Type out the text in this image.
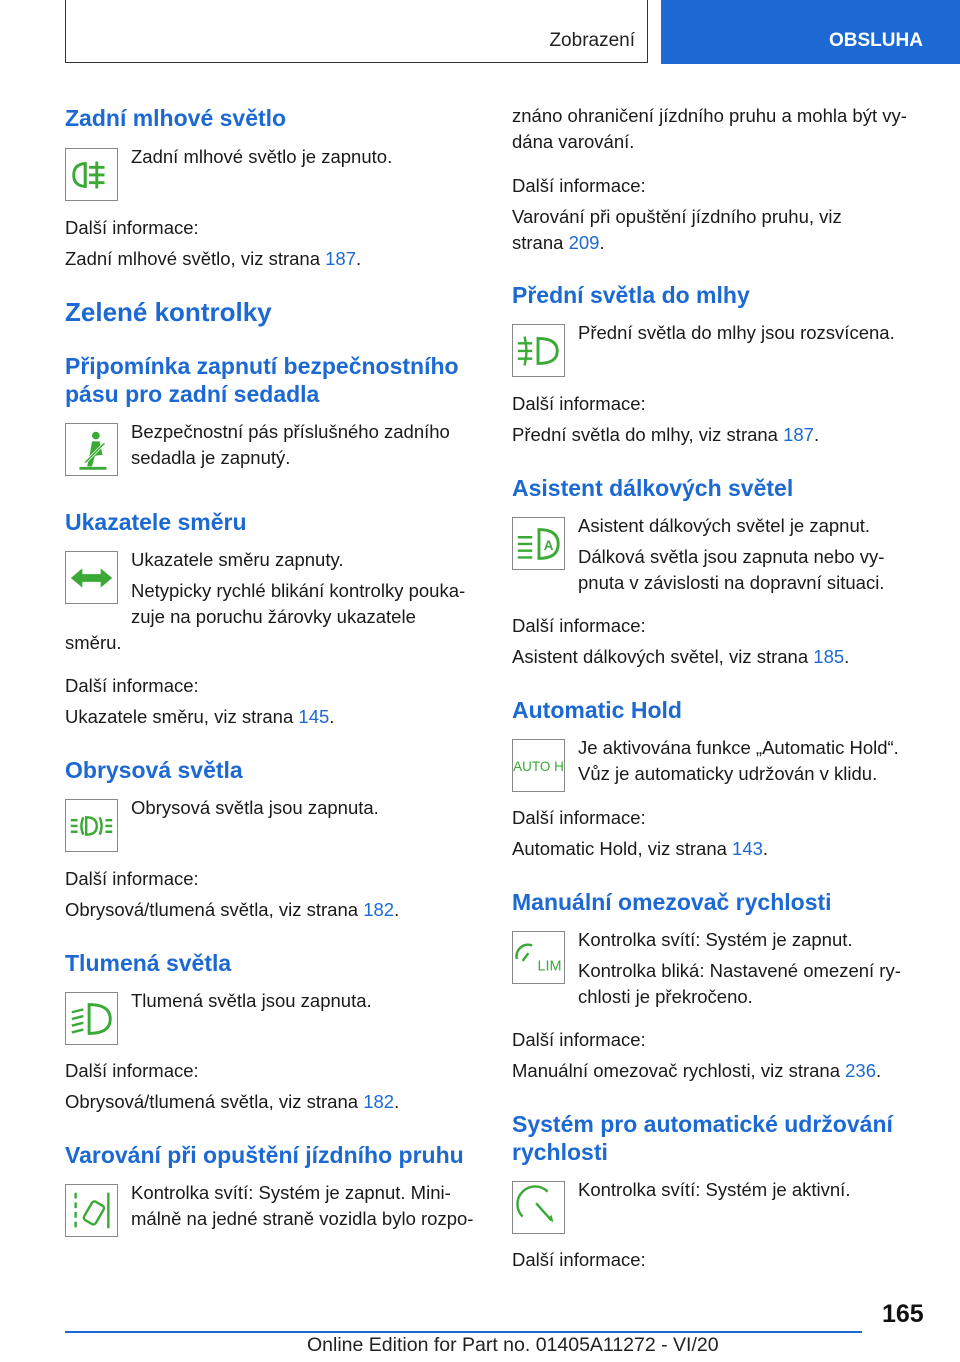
Zobrazení	OBSLUHA
Zadní mlhové světlo

Zadní mlhové světlo je zapnuto.

Další informace:

Zadní mlhové světlo, viz strana 187.

Zelené kontrolky
Připomínka zapnutí bezpečnostního
pásu pro zadní sedadla

Bezpečnostní pás příslušného zadního

sedadla je zapnutý.

Ukazatele směru

Ukazatele směru zapnuty.

Netypicky rychlé blikání kontrolky pouka-

zuje na poruchu žárovky ukazatele

směru.

Další informace:

Ukazatele směru, viz strana 145.

Obrysová světla

Obrysová světla jsou zapnuta.

Další informace:

Obrysová/tlumená světla, viz strana 182.

Tlumená světla

Tlumená světla jsou zapnuta.

Další informace:

Obrysová/tlumená světla, viz strana 182.

Varování při opuštění jízdního pruhu

Kontrolka svítí: Systém je zapnut. Mini-

málně na jedné straně vozidla bylo rozpo-

znáno ohraničení jízdního pruhu a mohla být vy-

dána varování.

Další informace:

Varování při opuštění jízdního pruhu, viz

strana 209.

Přední světla do mlhy

Přední světla do mlhy jsou rozsvícena.

Další informace:

Přední světla do mlhy, viz strana 187.

Asistent dálkových světel
A

Asistent dálkových světel je zapnut.

Dálková světla jsou zapnuta nebo vy-

pnuta v závislosti na dopravní situaci.

Další informace:

Asistent dálkových světel, viz strana 185.

Automatic Hold
AUTO H

Je aktivována funkce „Automatic Hold“.

Vůz je automaticky udržován v klidu.

Další informace:

Automatic Hold, viz strana 143.

Manuální omezovač rychlosti
LIM

Kontrolka svítí: Systém je zapnut.

Kontrolka bliká: Nastavené omezení ry-

chlosti je překročeno.

Další informace:

Manuální omezovač rychlosti, viz strana 236.

Systém pro automatické udržování
rychlosti

Kontrolka svítí: Systém je aktivní.

Další informace:

165
Online Edition for Part no. 01405A11272 - VI/20
